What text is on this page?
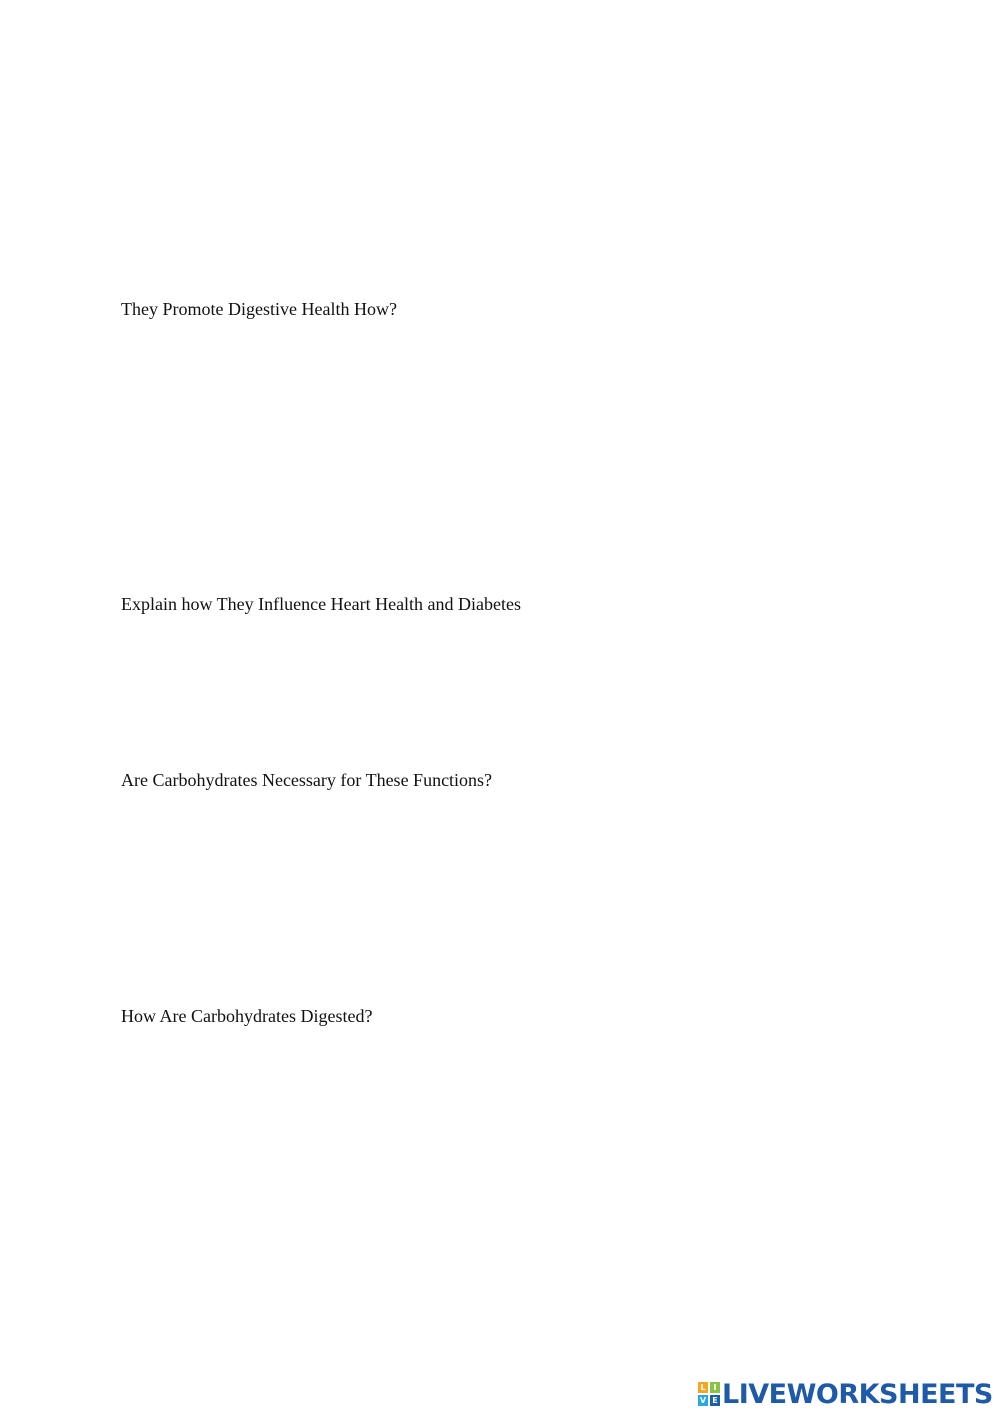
They Promote Digestive Health How?

Explain how They Influence Heart Health and Diabetes

Are Carbohydrates Necessary for These Functions?

How Are Carbohydrates Digested?

L I
V E LIVEWORKSHEETS
